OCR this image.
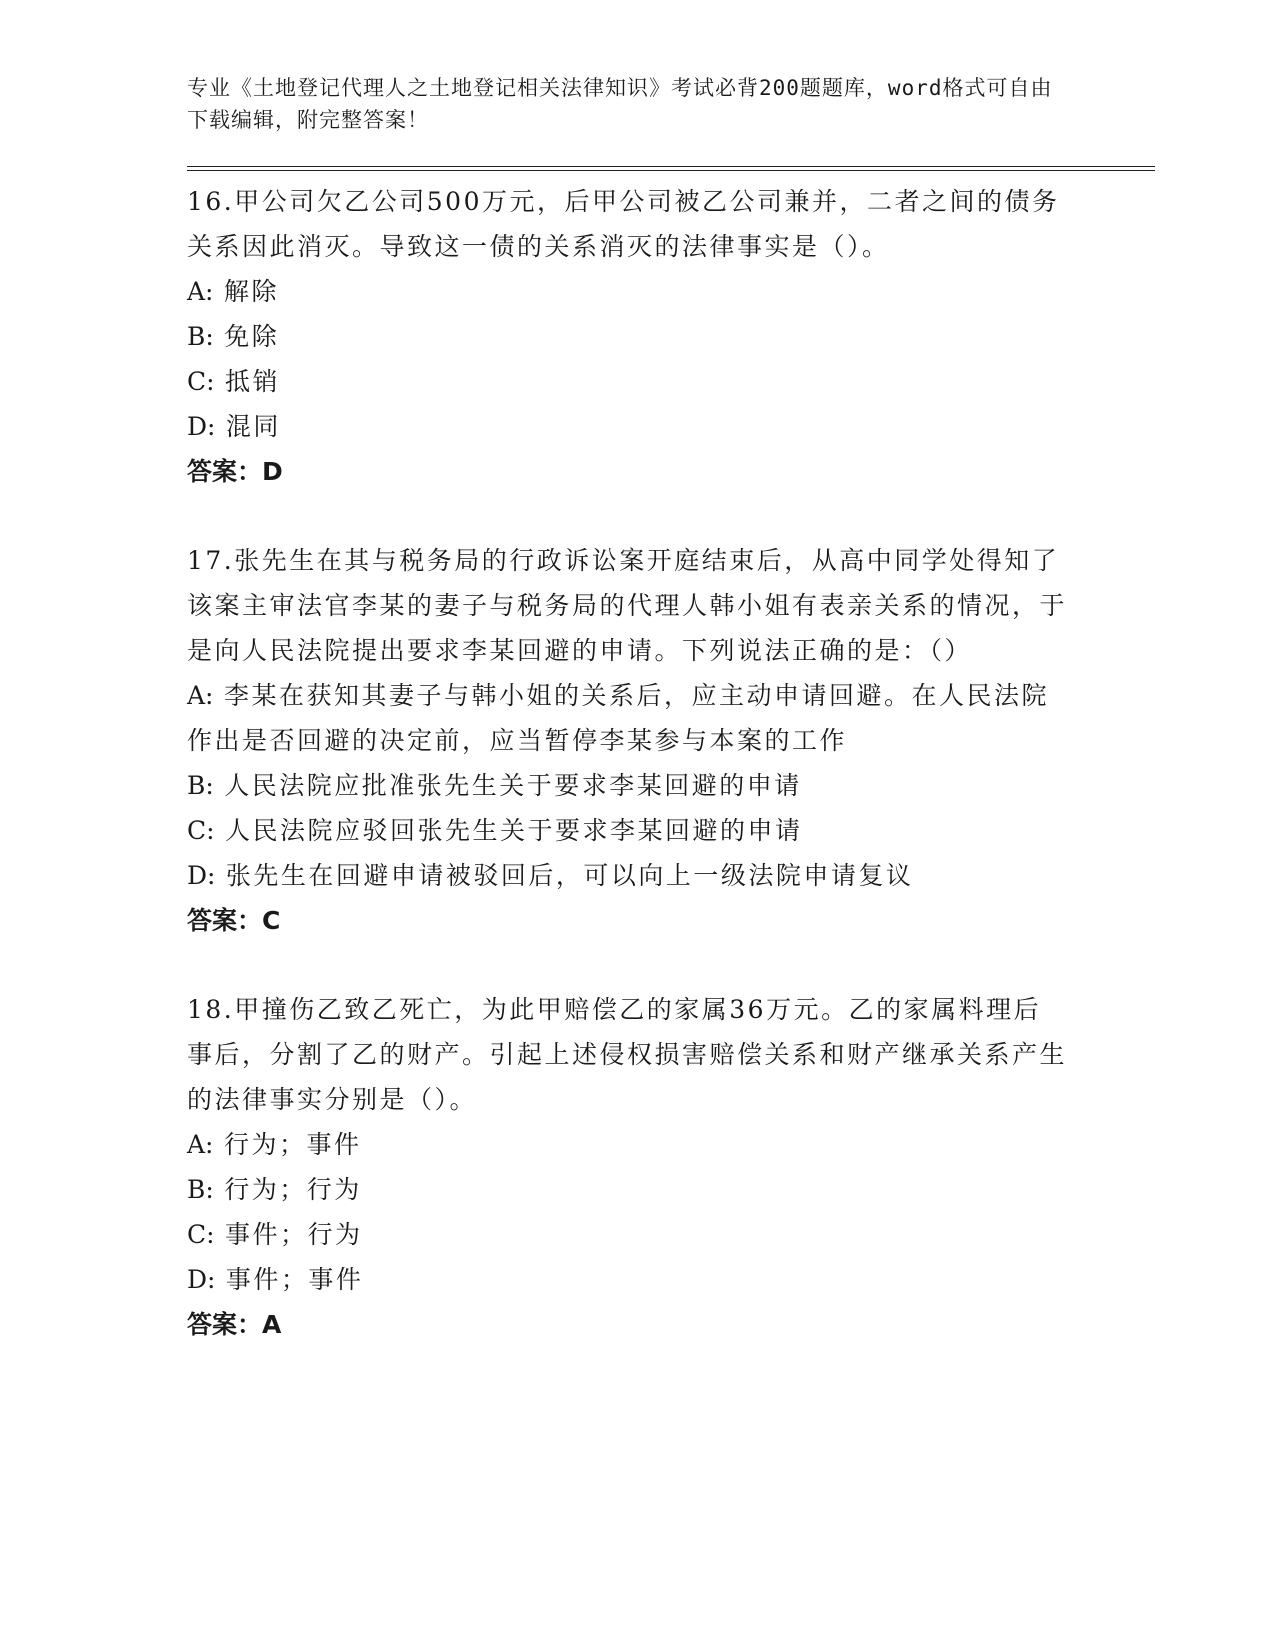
专业《土地登记代理人之土地登记相关法律知识》考试必背200题题库，word格式可自由下载编辑，附完整答案！

16.甲公司欠乙公司500万元，后甲公司被乙公司兼并，二者之间的债务关系因此消灭。导致这一债的关系消灭的法律事实是（）。

A: 解除

B: 免除

C: 抵销

D: 混同

答案：D

17.张先生在其与税务局的行政诉讼案开庭结束后，从高中同学处得知了该案主审法官李某的妻子与税务局的代理人韩小姐有表亲关系的情况，于是向人民法院提出要求李某回避的申请。下列说法正确的是：（）

A: 李某在获知其妻子与韩小姐的关系后，应主动申请回避。在人民法院作出是否回避的决定前，应当暂停李某参与本案的工作

B: 人民法院应批准张先生关于要求李某回避的申请

C: 人民法院应驳回张先生关于要求李某回避的申请

D: 张先生在回避申请被驳回后，可以向上一级法院申请复议

答案：C

18.甲撞伤乙致乙死亡，为此甲赔偿乙的家属36万元。乙的家属料理后事后，分割了乙的财产。引起上述侵权损害赔偿关系和财产继承关系产生的法律事实分别是（）。

A: 行为；事件

B: 行为；行为

C: 事件；行为

D: 事件；事件

答案：A
